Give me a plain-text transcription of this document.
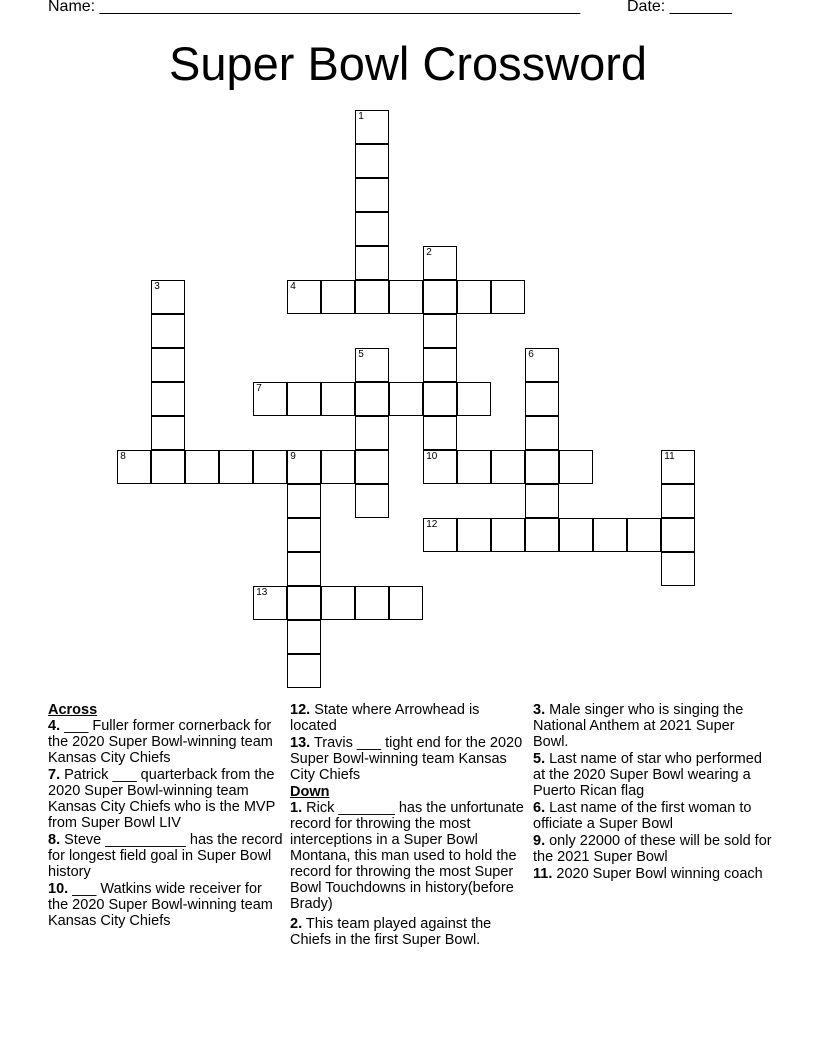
Name: ______________________________________________________	Date: _______
Super Bowl Crossword
1
2
10
3	4
5	6
7
8	9	11
12
13
Across
4. ___ Fuller former cornerback for the 2020 Super Bowl-winning team Kansas City Chiefs
7. Patrick ___ quarterback from the 2020 Super Bowl-winning team Kansas City Chiefs who is the MVP from Super Bowl LIV
8. Steve __________ has the record for longest field goal in Super Bowl history
10. ___ Watkins wide receiver for the 2020 Super Bowl-winning team Kansas City Chiefs
12. State where Arrowhead is located
13. Travis ___ tight end for the 2020 Super Bowl-winning team Kansas City Chiefs
Down
1. Rick _______ has the unfortunate record for throwing the most interceptions in a Super Bowl Montana, this man used to hold the record for throwing the most Super Bowl Touchdowns in history(before Brady)
2. This team played against the Chiefs in the first Super Bowl.
3. Male singer who is singing the National Anthem at 2021 Super Bowl.
5. Last name of star who performed at the 2020 Super Bowl wearing a Puerto Rican flag
6. Last name of the first woman to officiate a Super Bowl
9. only 22000 of these will be sold for the 2021 Super Bowl
11. 2020 Super Bowl winning coach
